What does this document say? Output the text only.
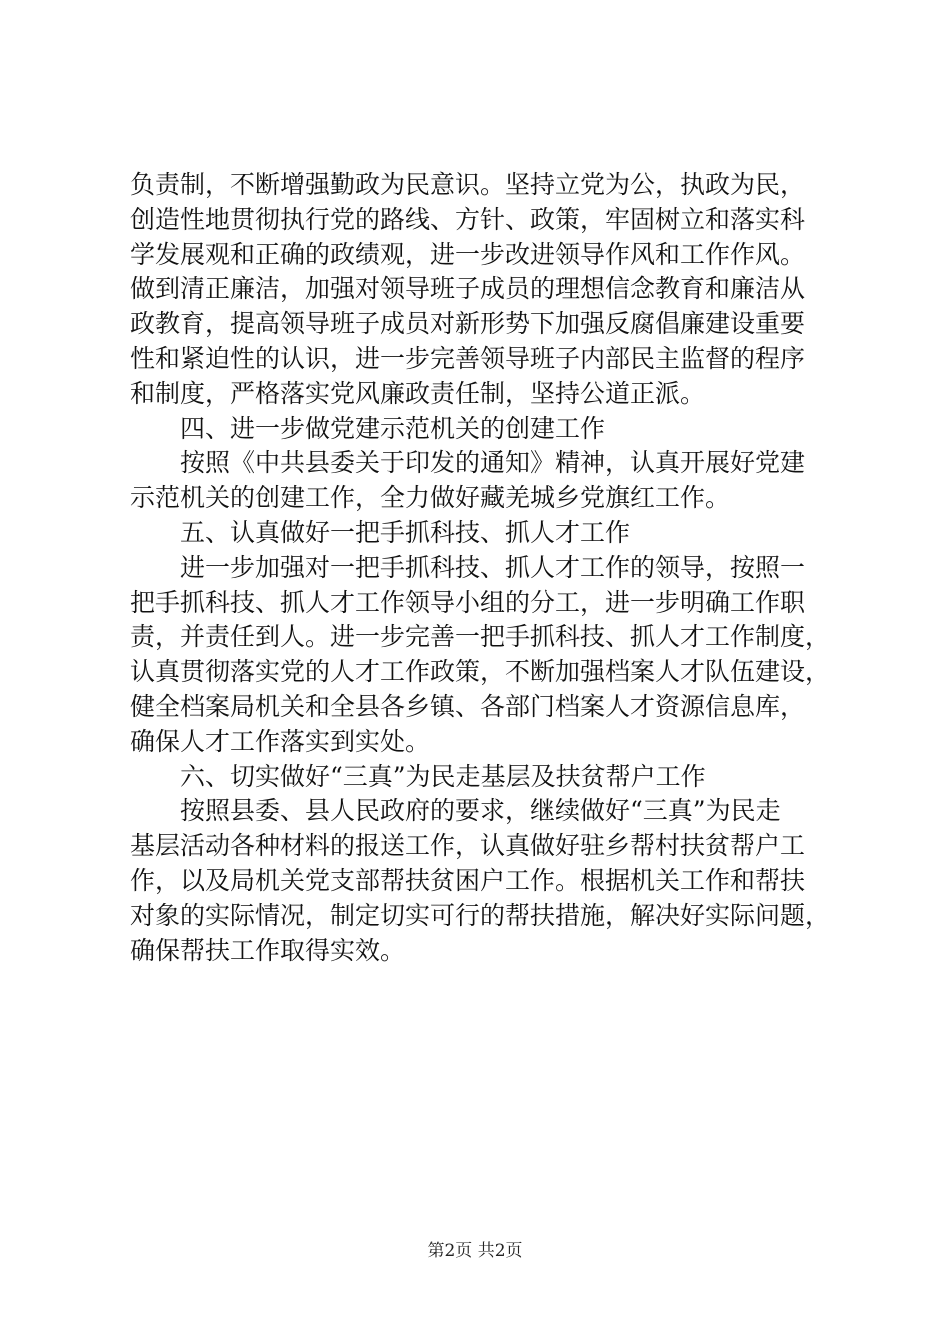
负责制，不断增强勤政为民意识。坚持立党为公，执政为民，
创造性地贯彻执行党的路线、方针、政策，牢固树立和落实科
学发展观和正确的政绩观，进一步改进领导作风和工作作风。
做到清正廉洁，加强对领导班子成员的理想信念教育和廉洁从
政教育，提高领导班子成员对新形势下加强反腐倡廉建设重要
性和紧迫性的认识，进一步完善领导班子内部民主监督的程序
和制度，严格落实党风廉政责任制，坚持公道正派。
四、进一步做党建示范机关的创建工作
按照《中共县委关于印发的通知》精神，认真开展好党建
示范机关的创建工作，全力做好藏羌城乡党旗红工作。
五、认真做好一把手抓科技、抓人才工作
进一步加强对一把手抓科技、抓人才工作的领导，按照一
把手抓科技、抓人才工作领导小组的分工，进一步明确工作职
责，并责任到人。进一步完善一把手抓科技、抓人才工作制度，
认真贯彻落实党的人才工作政策，不断加强档案人才队伍建设，
健全档案局机关和全县各乡镇、各部门档案人才资源信息库，
确保人才工作落实到实处。
六、切实做好“三真”为民走基层及扶贫帮户工作
按照县委、县人民政府的要求，继续做好“三真”为民走
基层活动各种材料的报送工作，认真做好驻乡帮村扶贫帮户工
作，以及局机关党支部帮扶贫困户工作。根据机关工作和帮扶
对象的实际情况，制定切实可行的帮扶措施，解决好实际问题，
确保帮扶工作取得实效。
第2页 共2页
